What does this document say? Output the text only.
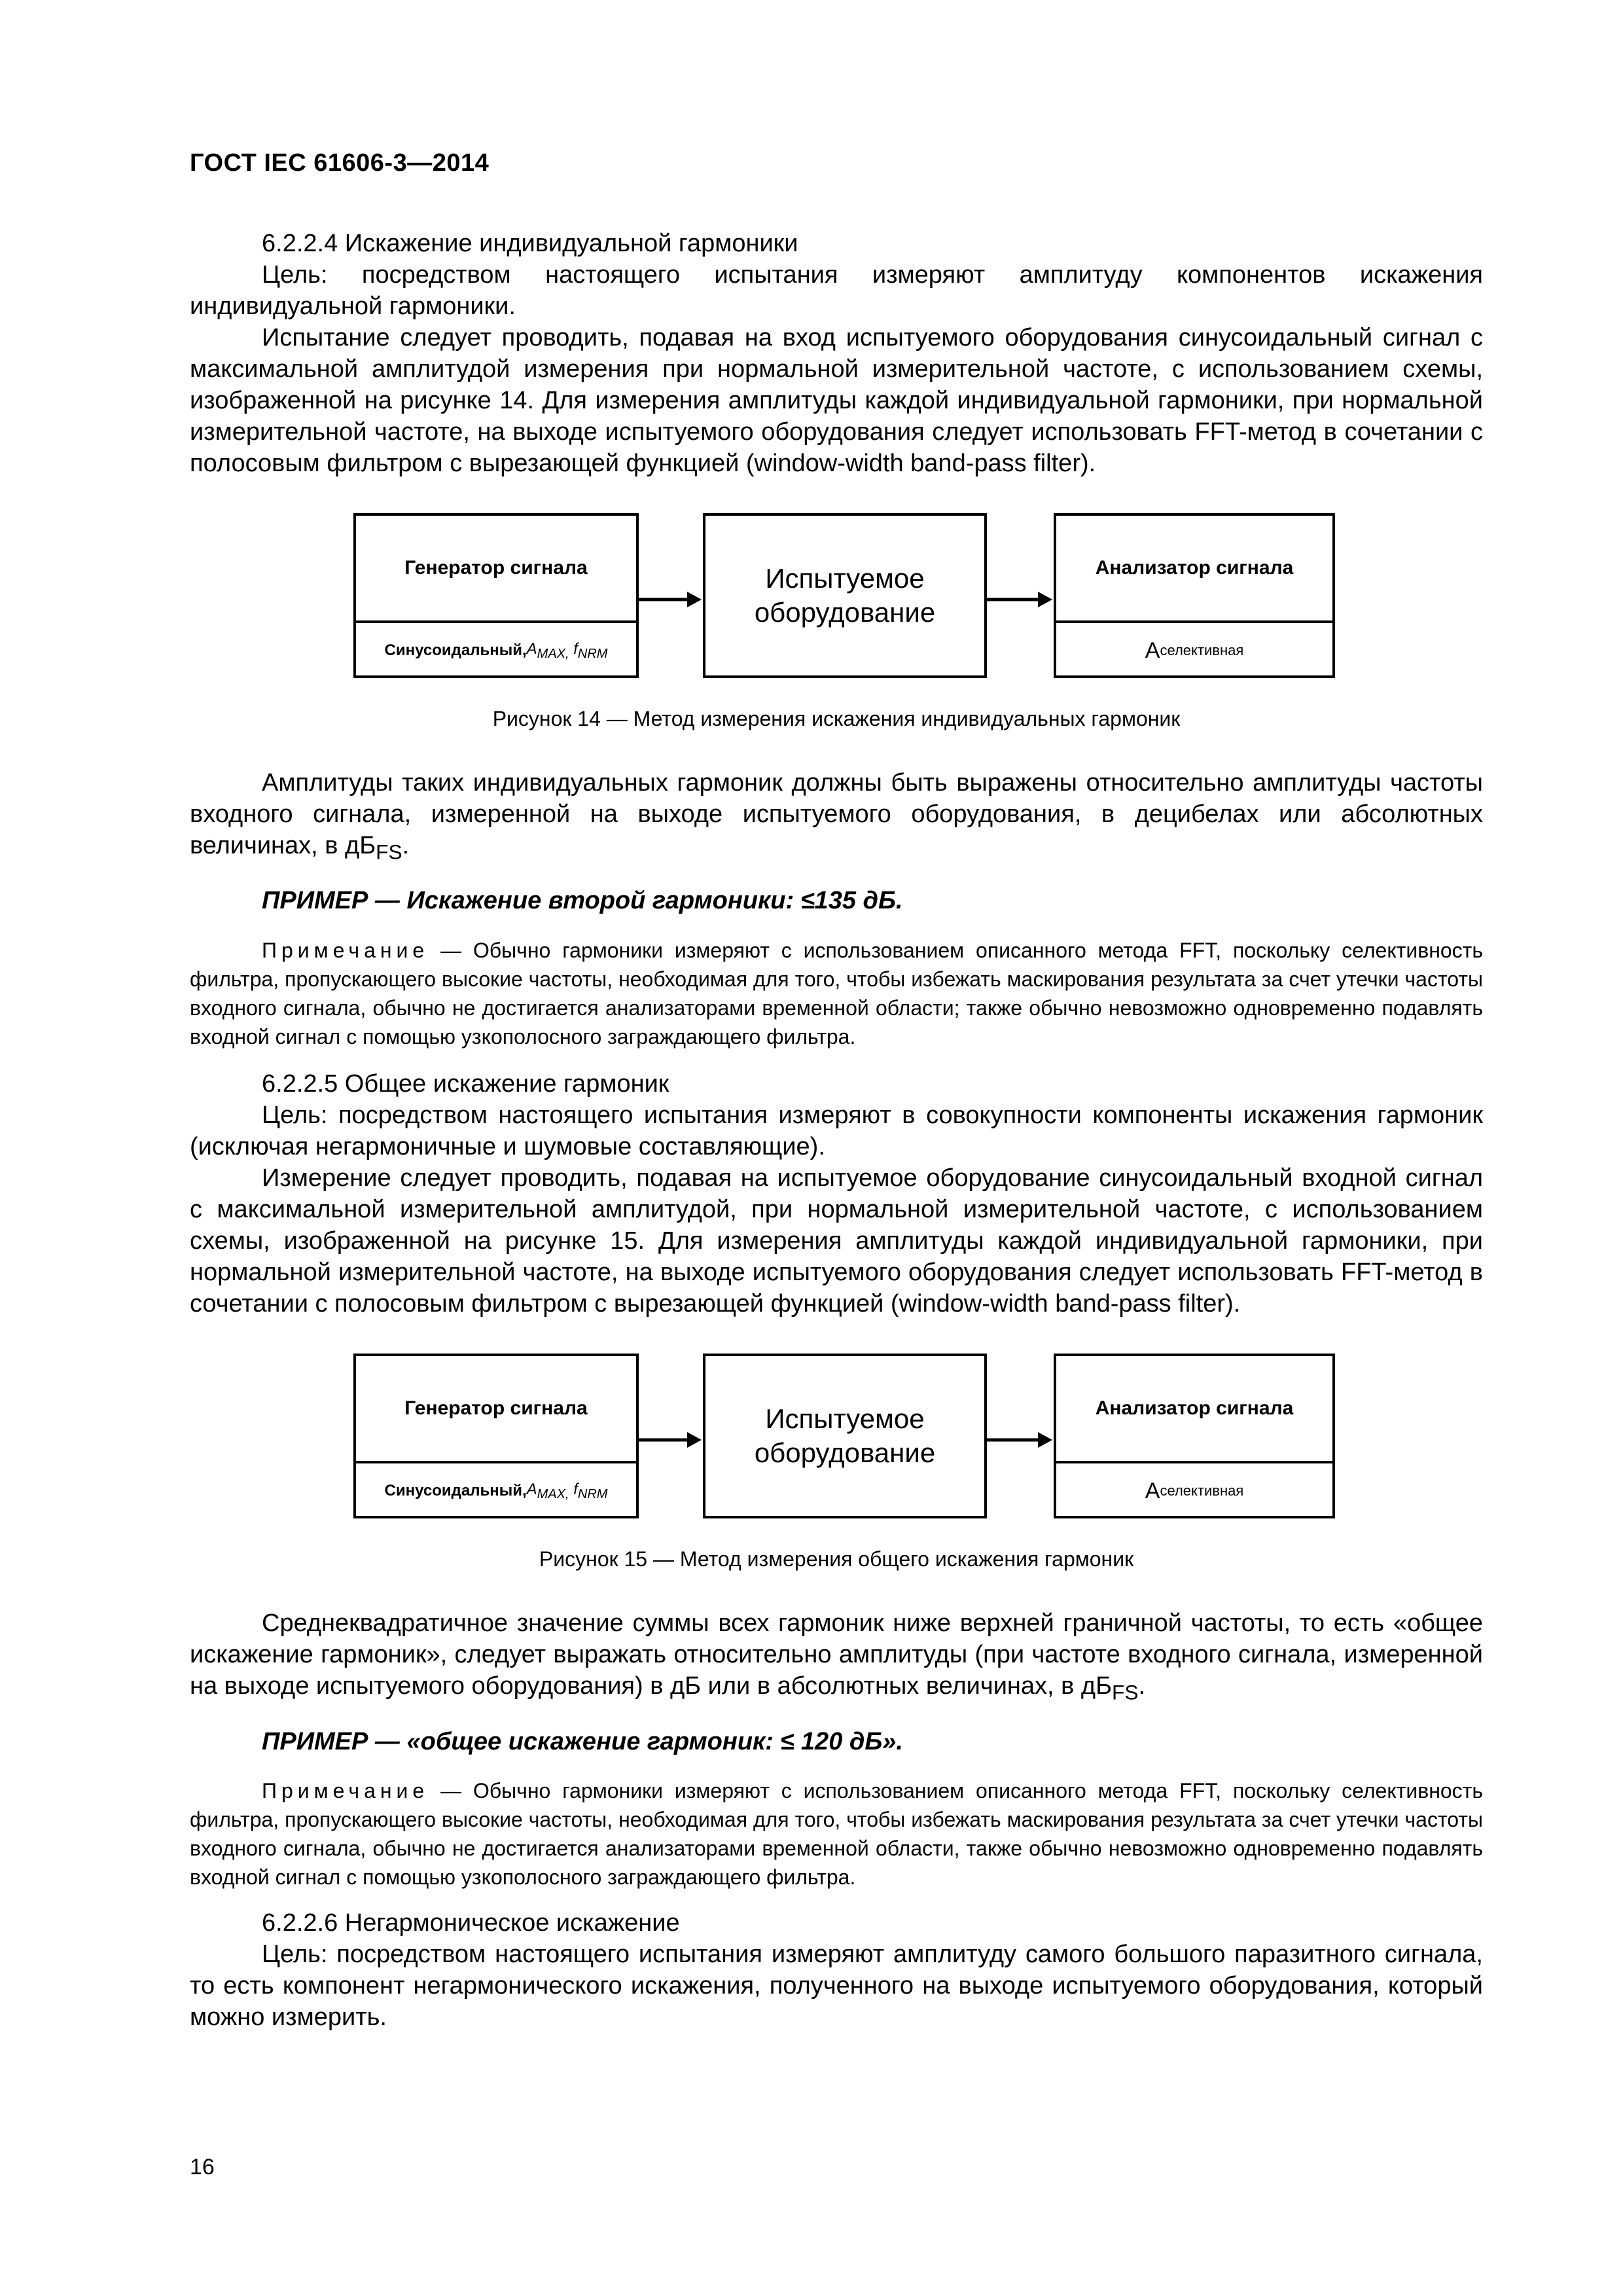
ГОСТ IEC 61606-3—2014
6.2.2.4 Искажение индивидуальной гармоники

Цель: посредством настоящего испытания измеряют амплитуду компонентов искажения индивидуальной гармоники.

Испытание следует проводить, подавая на вход испытуемого оборудования синусоидальный сигнал с максимальной амплитудой измерения при нормальной измерительной частоте, с использованием схемы, изображенной на рисунке 14. Для измерения амплитуды каждой индивидуальной гармоники, при нормальной измерительной частоте, на выходе испытуемого оборудования следует использовать FFT-метод в сочетании с полосовым фильтром с вырезающей функцией (window-width band-pass filter).

Генератор сигнала
Синусоидальный, $A_{MAX,}$ $f_{NRM}$
Испытуемое оборудование
Анализатор сигнала
A селективная
Рисунок 14 — Метод измерения искажения индивидуальных гармоник

Амплитуды таких индивидуальных гармоник должны быть выражены относительно амплитуды частоты входного сигнала, измеренной на выходе испытуемого оборудования, в децибелах или абсолютных величинах, в $дБ_{FS}$.

ПРИМЕР — Искажение второй гармоники: ≤135 дБ.

Примечание — Обычно гармоники измеряют с использованием описанного метода FFT, поскольку селективность фильтра, пропускающего высокие частоты, необходимая для того, чтобы избежать маскирования результата за счет утечки частоты входного сигнала, обычно не достигается анализаторами временной области; также обычно невозможно одновременно подавлять входной сигнал с помощью узкополосного заграждающего фильтра.

6.2.2.5 Общее искажение гармоник

Цель: посредством настоящего испытания измеряют в совокупности компоненты искажения гармоник (исключая негармоничные и шумовые составляющие).

Измерение следует проводить, подавая на испытуемое оборудование синусоидальный входной сигнал с максимальной измерительной амплитудой, при нормальной измерительной частоте, с использованием схемы, изображенной на рисунке 15. Для измерения амплитуды каждой индивидуальной гармоники, при нормальной измерительной частоте, на выходе испытуемого оборудования следует использовать FFT-метод в сочетании с полосовым фильтром с вырезающей функцией (window-width band-pass filter).

Генератор сигнала
Синусоидальный, $A_{MAX,}$ $f_{NRM}$
Испытуемое оборудование
Анализатор сигнала
A селективная
Рисунок 15 — Метод измерения общего искажения гармоник

Среднеквадратичное значение суммы всех гармоник ниже верхней граничной частоты, то есть «общее искажение гармоник», следует выражать относительно амплитуды (при частоте входного сигнала, измеренной на выходе испытуемого оборудования) в дБ или в абсолютных величинах, в $дБ_{FS}$.

ПРИМЕР — «общее искажение гармоник: ≤ 120 дБ».

Примечание — Обычно гармоники измеряют с использованием описанного метода FFT, поскольку селективность фильтра, пропускающего высокие частоты, необходимая для того, чтобы избежать маскирования результата за счет утечки частоты входного сигнала, обычно не достигается анализаторами временной области, также обычно невозможно одновременно подавлять входной сигнал с помощью узкополосного заграждающего фильтра.

6.2.2.6 Негармоническое искажение

Цель: посредством настоящего испытания измеряют амплитуду самого большого паразитного сигнала, то есть компонент негармонического искажения, полученного на выходе испытуемого оборудования, который можно измерить.

16
